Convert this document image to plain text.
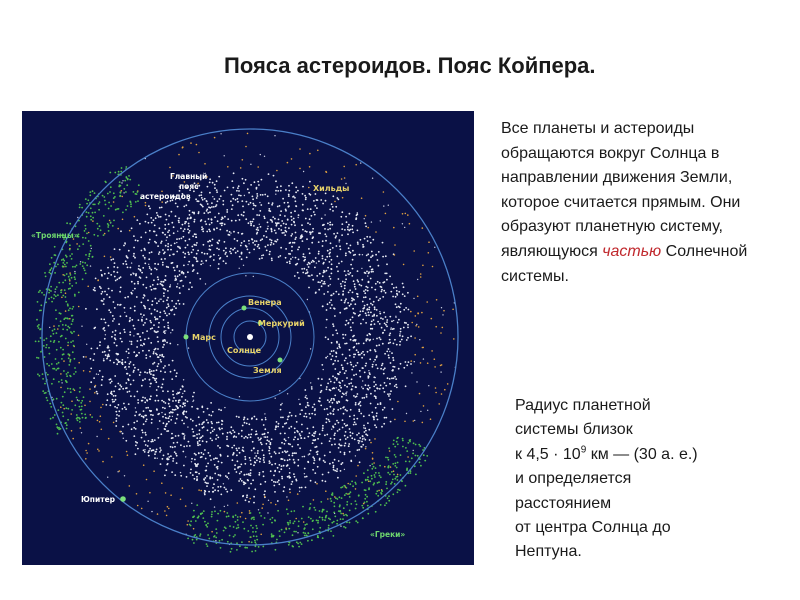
Пояса астероидов. Пояс Койпера.
Главный
пояс
астероидов
Хильды
«Троянцы»
«Греки»
Венера
Меркурий
Марс
Солнце
Земля
Юпитер
Все планеты и астероиды обращаются вокруг Солнца в направлении движения Земли, которое считается прямым. Они образуют планетную систему, являющуюся частью Солнечной системы.
Радиус планетной
системы близок
к $4,5 \cdot 10^9$ км — (30 а. е.)
и определяется
расстоянием
от центра Солнца до
Нептуна.
